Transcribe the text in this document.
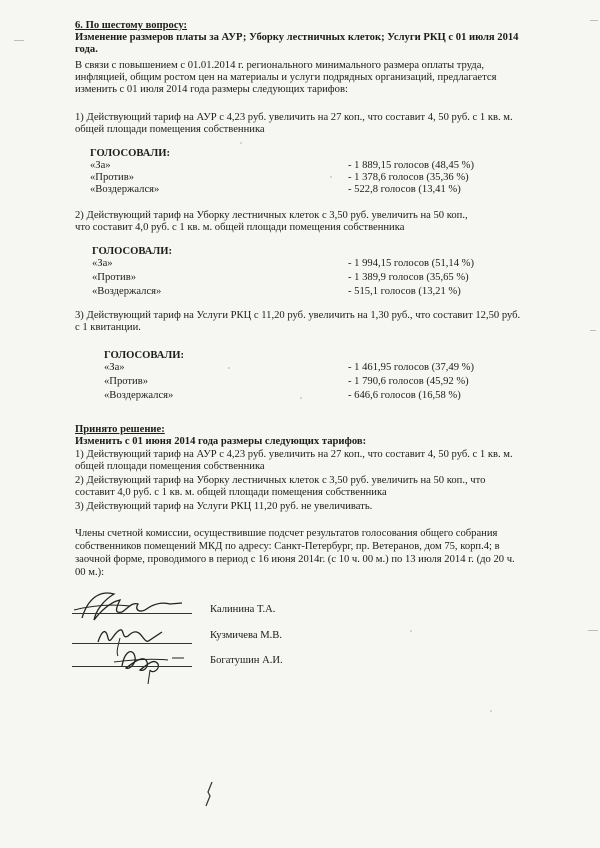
6. По шестому вопросу:
Изменение размеров платы за АУР; Уборку лестничных клеток; Услуги РКЦ с 01 июля 2014
года.
В связи с повышением с 01.01.2014 г. регионального минимального размера оплаты труда,
инфляцией, общим ростом цен на материалы и услуги подрядных организаций, предлагается
изменить с 01 июля 2014 года размеры следующих тарифов:
1) Действующий тариф на АУР с 4,23 руб. увеличить на 27 коп., что составит 4, 50 руб. с 1 кв. м.
общей площади помещения собственника
ГОЛОСОВАЛИ:
«За»	- 1 889,15 голосов (48,45 %)
«Против»	- 1 378,6 голосов (35,36 %)
«Воздержался»	- 522,8 голосов (13,41 %)
2) Действующий тариф на Уборку лестничных клеток с 3,50 руб. увеличить на 50 коп.,
что составит 4,0 руб. с 1 кв. м. общей площади помещения собственника
ГОЛОСОВАЛИ:
«За»	- 1 994,15 голосов (51,14 %)
«Против»	- 1 389,9 голосов (35,65 %)
«Воздержался»	- 515,1 голосов (13,21 %)
3) Действующий тариф на Услуги РКЦ с 11,20 руб. увеличить на 1,30 руб., что составит 12,50 руб.
с 1 квитанции.
ГОЛОСОВАЛИ:
«За»	- 1 461,95 голосов (37,49 %)
«Против»	- 1 790,6 голосов (45,92 %)
«Воздержался»	- 646,6 голосов (16,58 %)
Принято решение:
Изменить с 01 июня 2014 года размеры следующих тарифов:
1) Действующий тариф на АУР с 4,23 руб. увеличить на 27 коп., что составит 4, 50 руб. с 1 кв. м.
общей площади помещения собственника
2) Действующий тариф на Уборку лестничных клеток с 3,50 руб. увеличить на 50 коп., что
составит 4,0 руб. с 1 кв. м. общей площади помещения собственника
3) Действующий тариф на Услуги РКЦ 11,20 руб. не увеличивать.
Члены счетной комиссии, осуществившие подсчет результатов голосования общего собрания
собственников помещений МКД по адресу: Санкт-Петербург, пр. Ветеранов, дом 75, корп.4; в
заочной форме, проводимого в период с 16 июня 2014г. (с 10 ч. 00 м.) по 13 июля 2014 г. (до 20 ч.
00 м.):
Калинина Т.А.
Кузмичева М.В.
Богатушин А.И.
